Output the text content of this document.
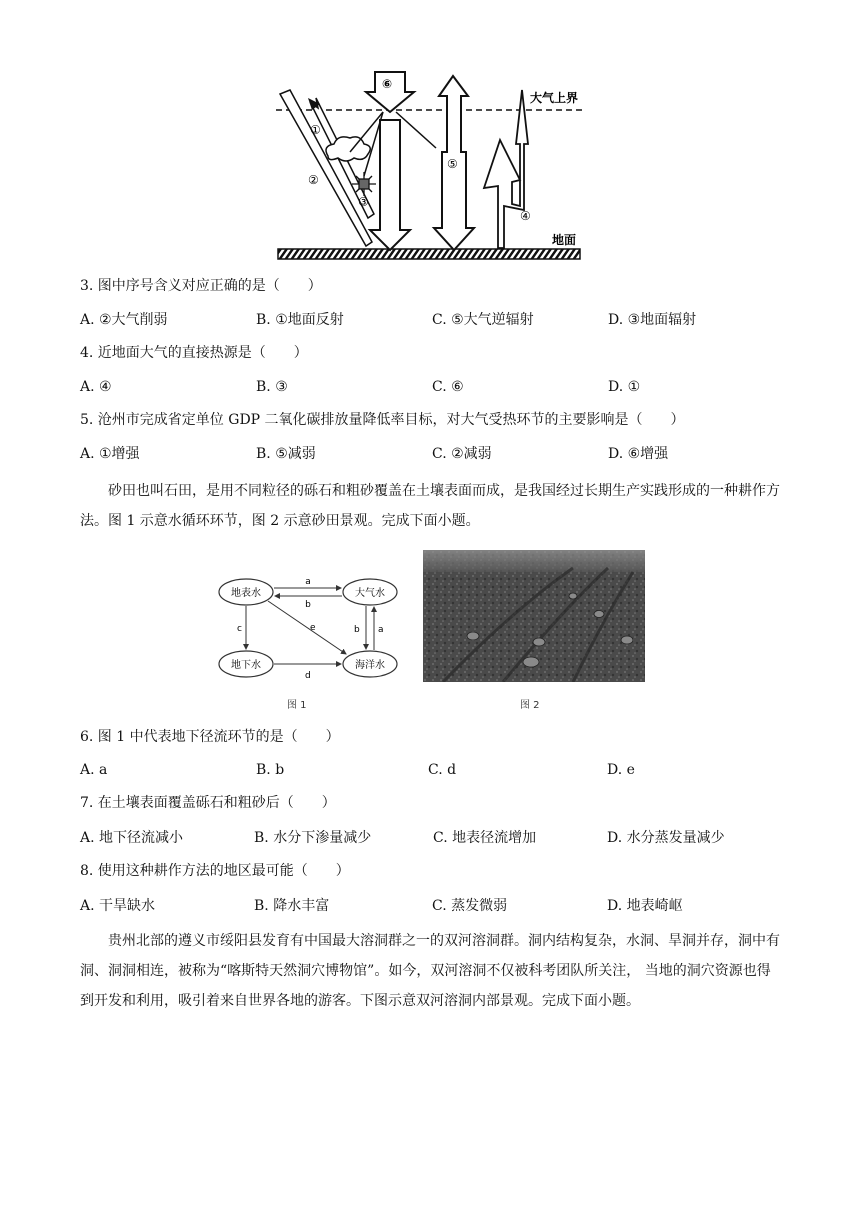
⑥
①
②
③
⑤
④
大气上界
地面
3. 图中序号含义对应正确的是（　　）
A. ②大气削弱	B. ①地面反射	C. ⑤大气逆辐射	D. ③地面辐射
4. 近地面大气的直接热源是（　　）
A. ④	B. ③	C. ⑥	D. ①
5. 沧州市完成省定单位 GDP 二氧化碳排放量降低率目标，对大气受热环节的主要影响是（　　）
A. ①增强	B. ⑤减弱	C. ②减弱	D. ⑥增强
砂田也叫石田，是用不同粒径的砾石和粗砂覆盖在土壤表面而成，是我国经过长期生产实践形成的一种耕作方法。图 1 示意水循环环节，图 2 示意砂田景观。完成下面小题。
地表水	大气水
地下水	海洋水
a
b
c	e
d
b a
图 1	图 2
6. 图 1 中代表地下径流环节的是（　　）
A. a	B. b	C. d	D. e
7. 在土壤表面覆盖砾石和粗砂后（　　）
A. 地下径流减小	B. 水分下渗量减少	C. 地表径流增加	D. 水分蒸发量减少
8. 使用这种耕作方法的地区最可能（　　）
A. 干旱缺水	B. 降水丰富	C. 蒸发微弱	D. 地表崎岖
贵州北部的遵义市绥阳县发育有中国最大溶洞群之一的双河溶洞群。洞内结构复杂，水洞、旱洞并存，洞中有洞、洞洞相连，被称为“喀斯特天然洞穴博物馆”。如今，双河溶洞不仅被科考团队所关注， 当地的洞穴资源也得到开发和利用，吸引着来自世界各地的游客。下图示意双河溶洞内部景观。完成下面小题。
